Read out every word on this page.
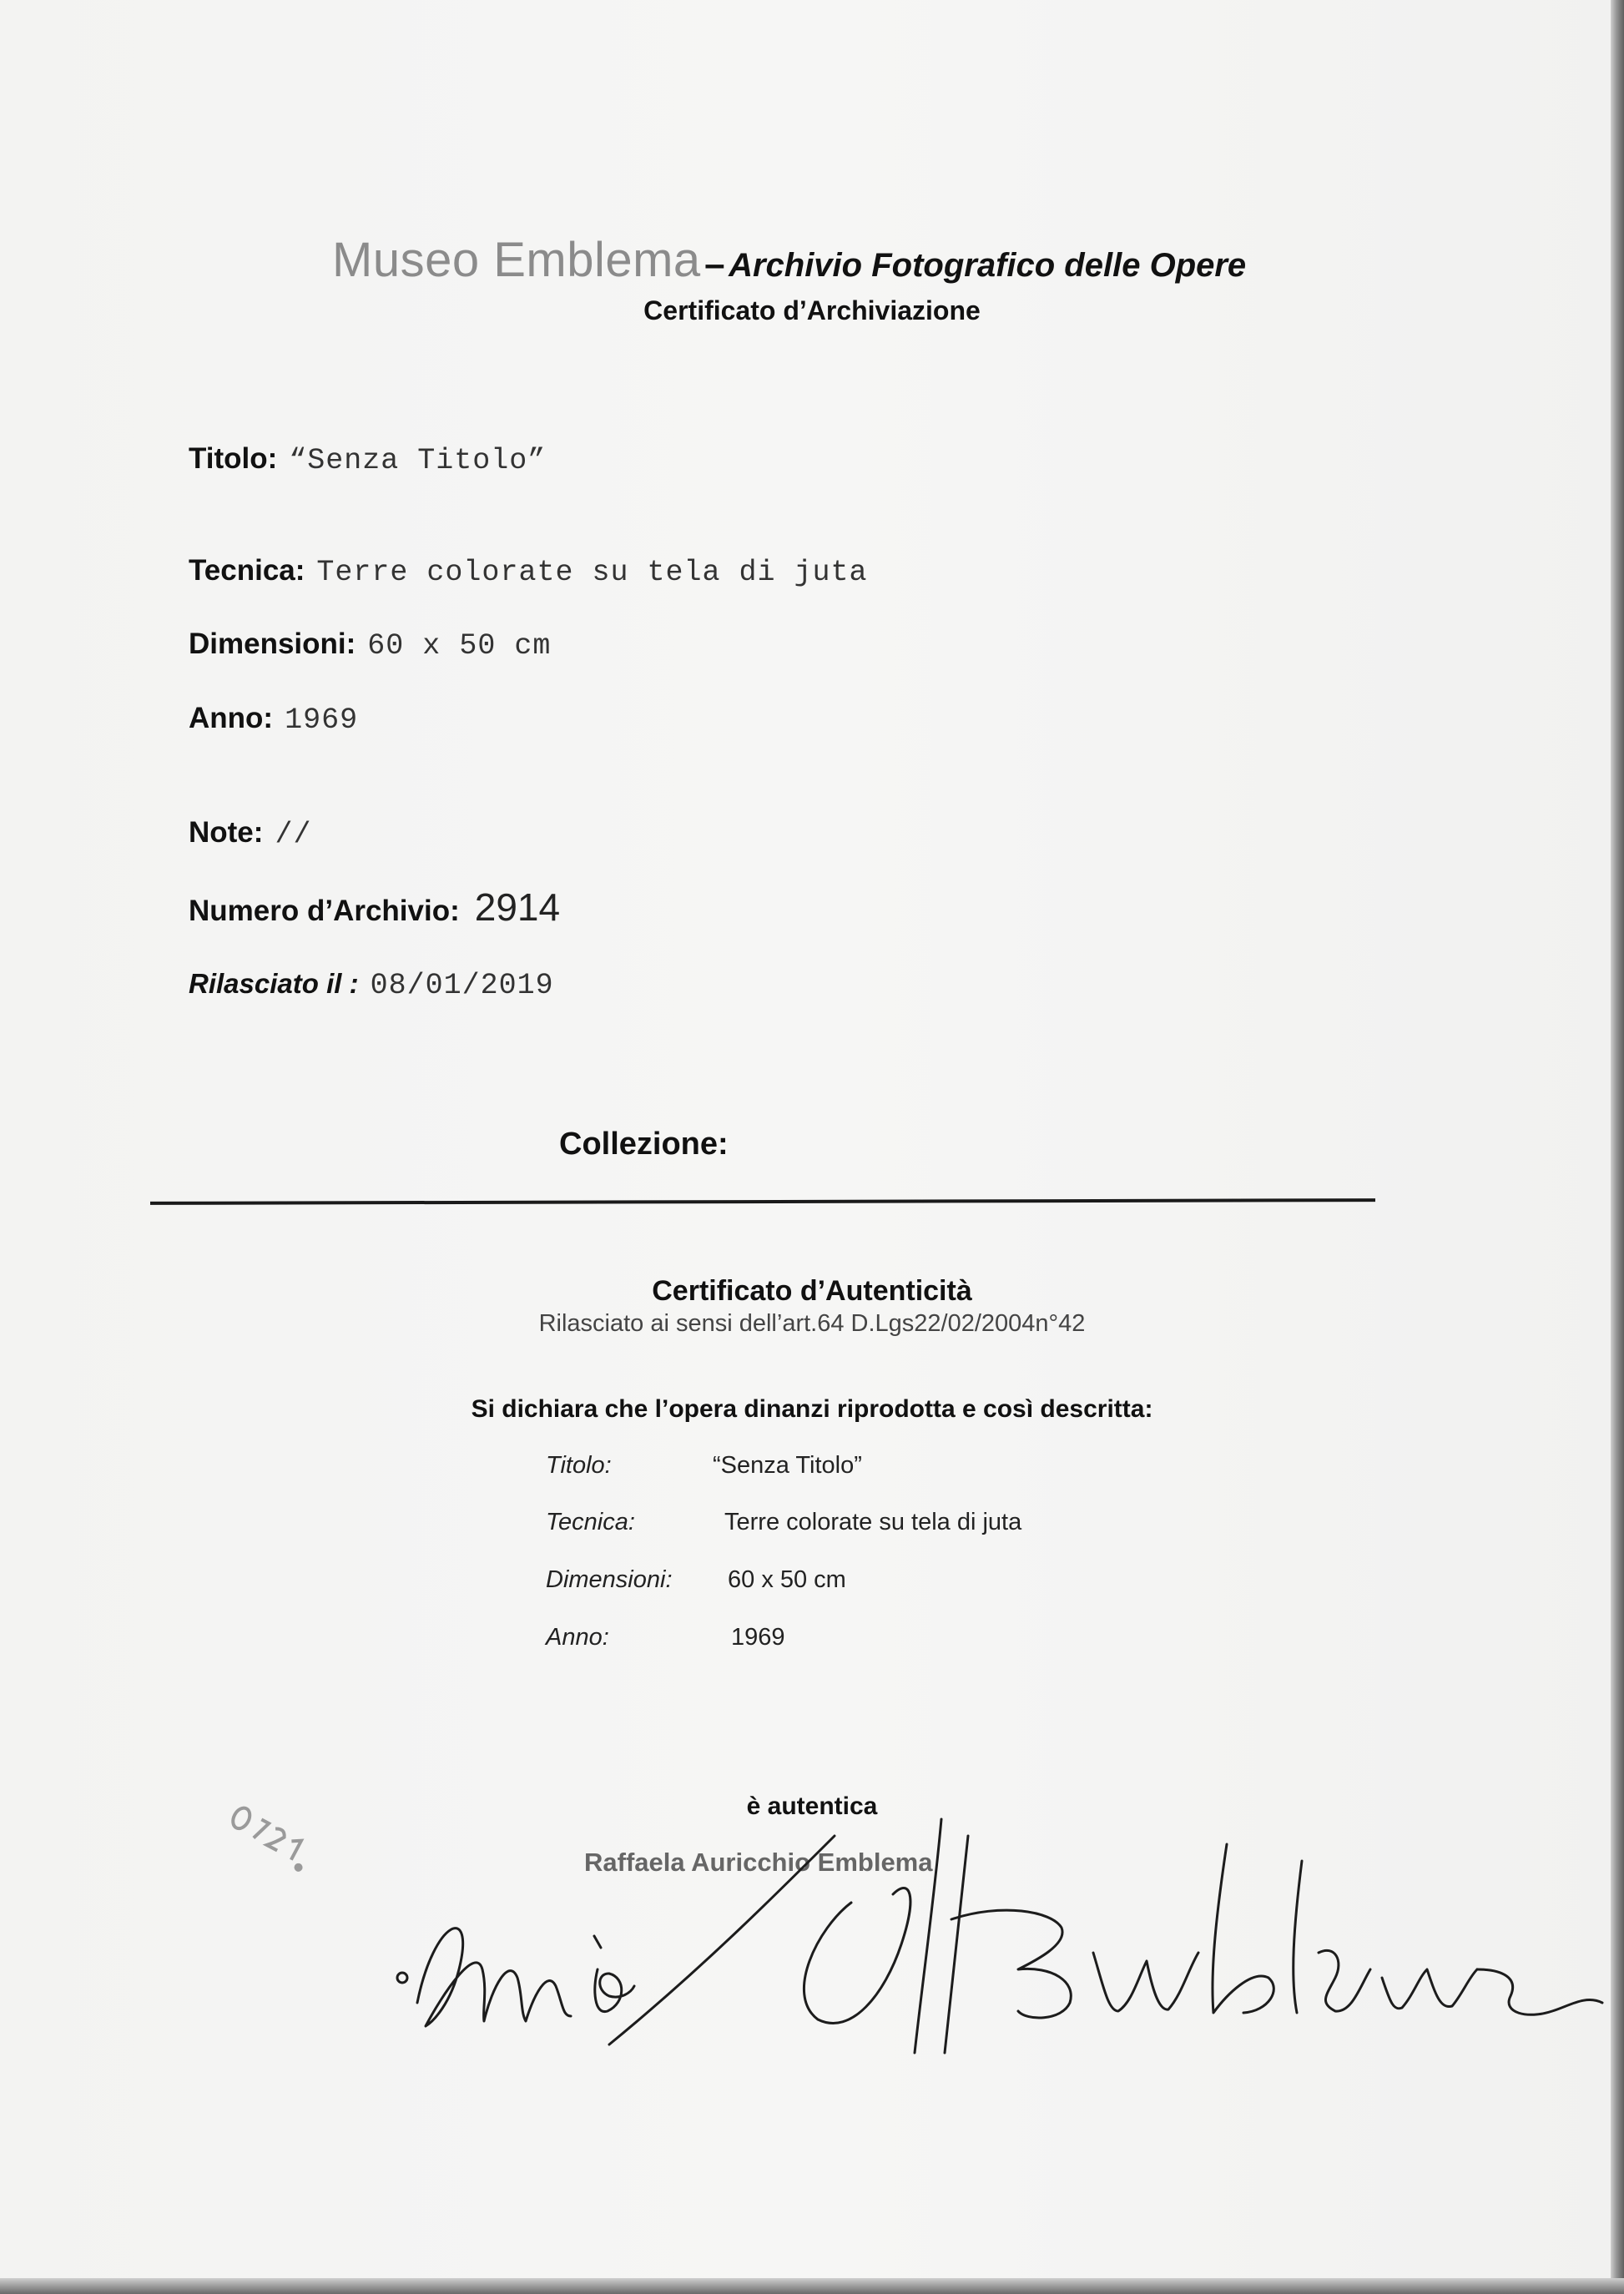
Museo Emblema – Archivio Fotografico delle Opere
Certificato d’Archiviazione
Titolo: “Senza Titolo”
Tecnica: Terre colorate su tela di juta
Dimensioni: 60 x 50 cm
Anno: 1969
Note: //
Numero d’Archivio: 2914
Rilasciato il : 08/01/2019
Collezione:
Certificato d’Autenticità
Rilasciato ai sensi dell’art.64 D.Lgs22/02/2004n°42
Si dichiara che l’opera dinanzi riprodotta e così descritta:
Titolo:	“Senza Titolo”
Tecnica:	Terre colorate su tela di juta
Dimensioni: 60 x 50 cm
Anno:	1969
è autentica
Raffaela Auricchio Emblema
